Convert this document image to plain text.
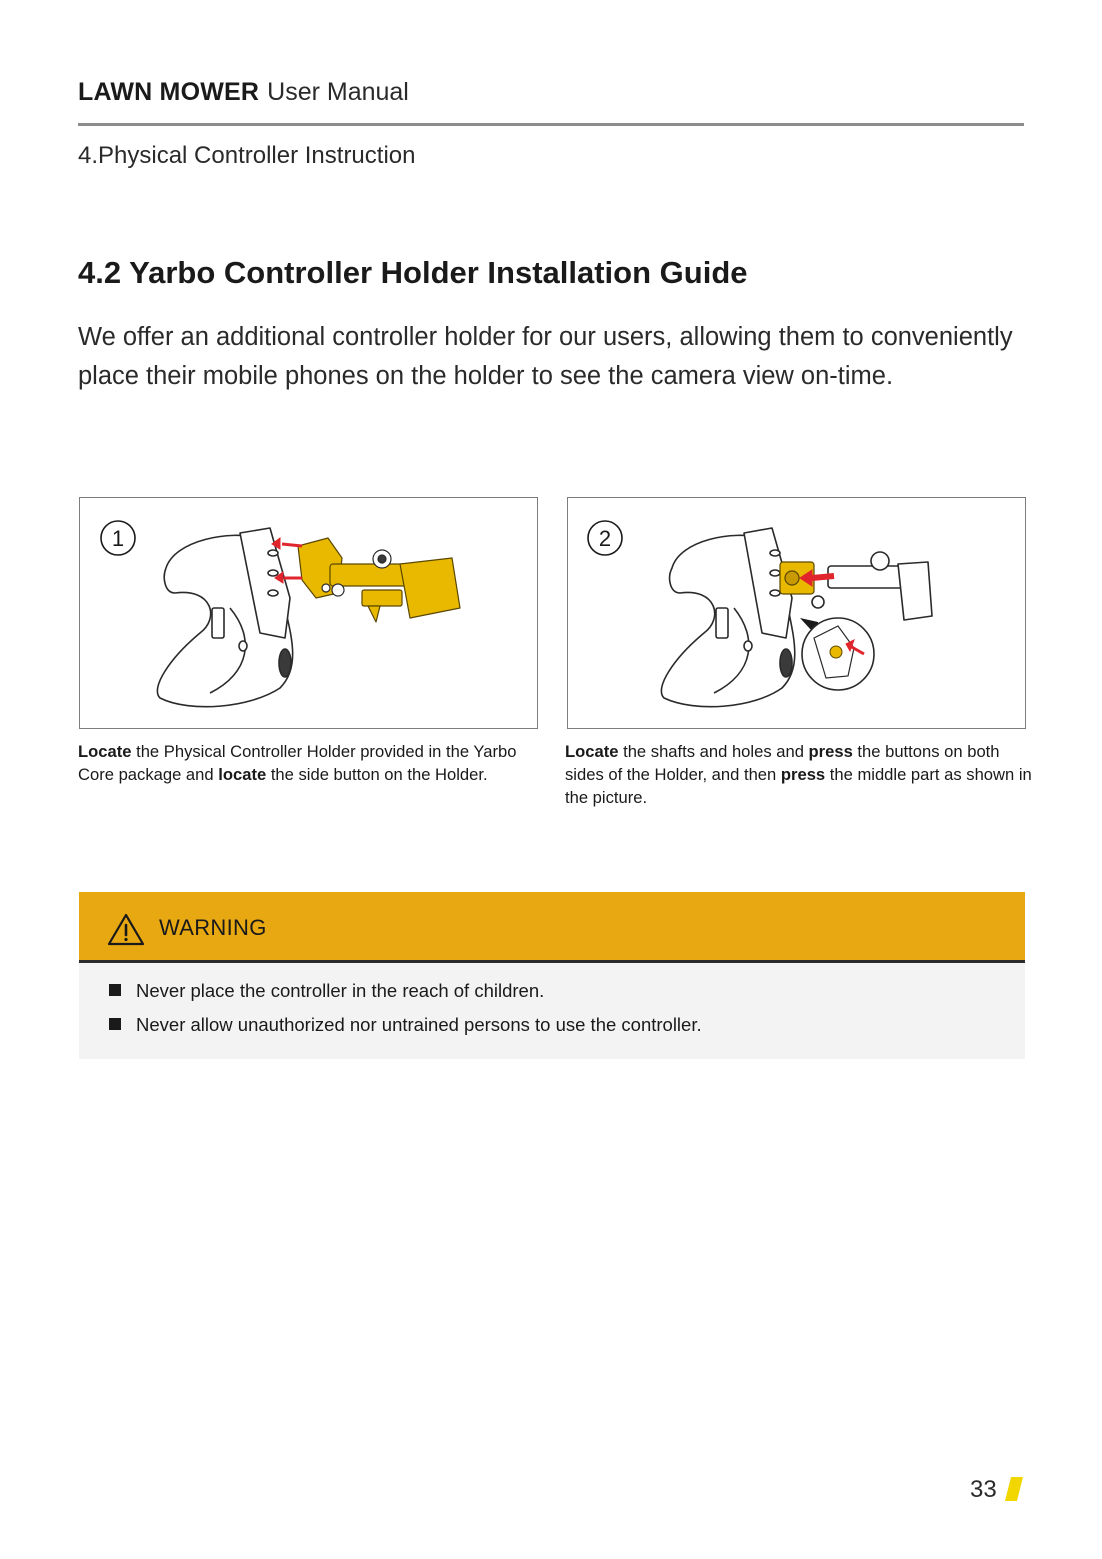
LAWN MOWER User Manual
4.Physical Controller Instruction
4.2 Yarbo Controller Holder Installation Guide

We offer an additional controller holder for our users, allowing them to conveniently place their mobile phones on the holder to see the camera view on-time.

1	2

Locate the Physical Controller Holder provided in the Yarbo Core package and locate the side button on the Holder.

Locate the shafts and holes and press the buttons on both sides of the Holder, and then press the middle part as shown in the picture.

WARNING
Never place the controller in the reach of children.
Never allow unauthorized nor untrained persons to use the controller.
33
